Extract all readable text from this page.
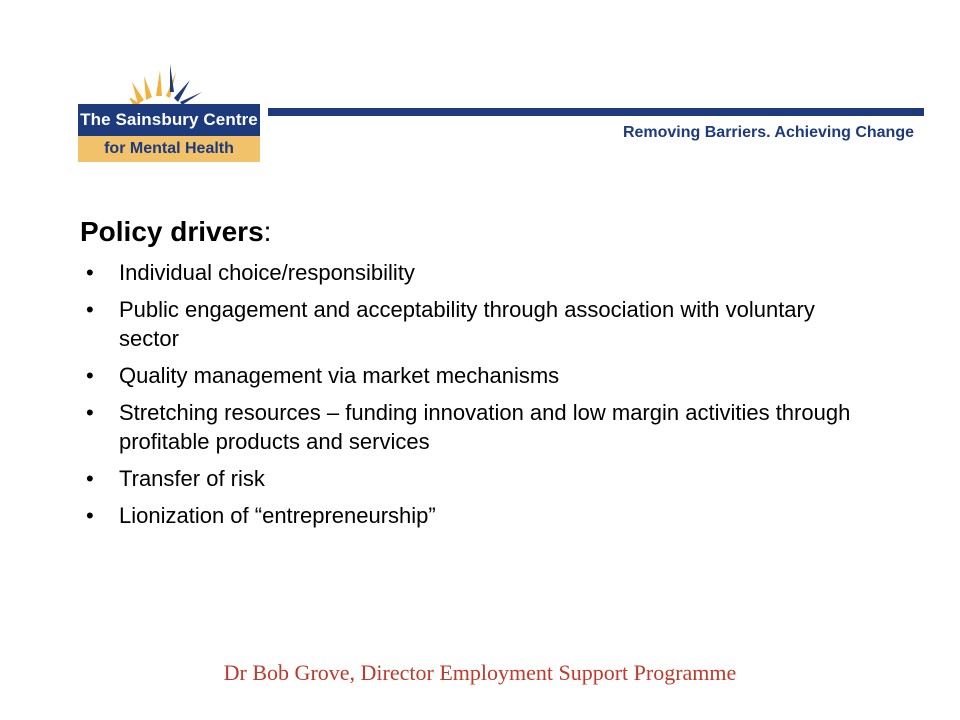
The Sainsbury Centre
for Mental Health
Removing Barriers. Achieving Change
Policy drivers:
• Individual choice/responsibility
• Public engagement and acceptability through association with voluntary sector
• Quality management via market mechanisms
• Stretching resources – funding innovation and low margin activities through profitable products and services
• Transfer of risk
• Lionization of “entrepreneurship”
Dr Bob Grove, Director Employment Support Programme
